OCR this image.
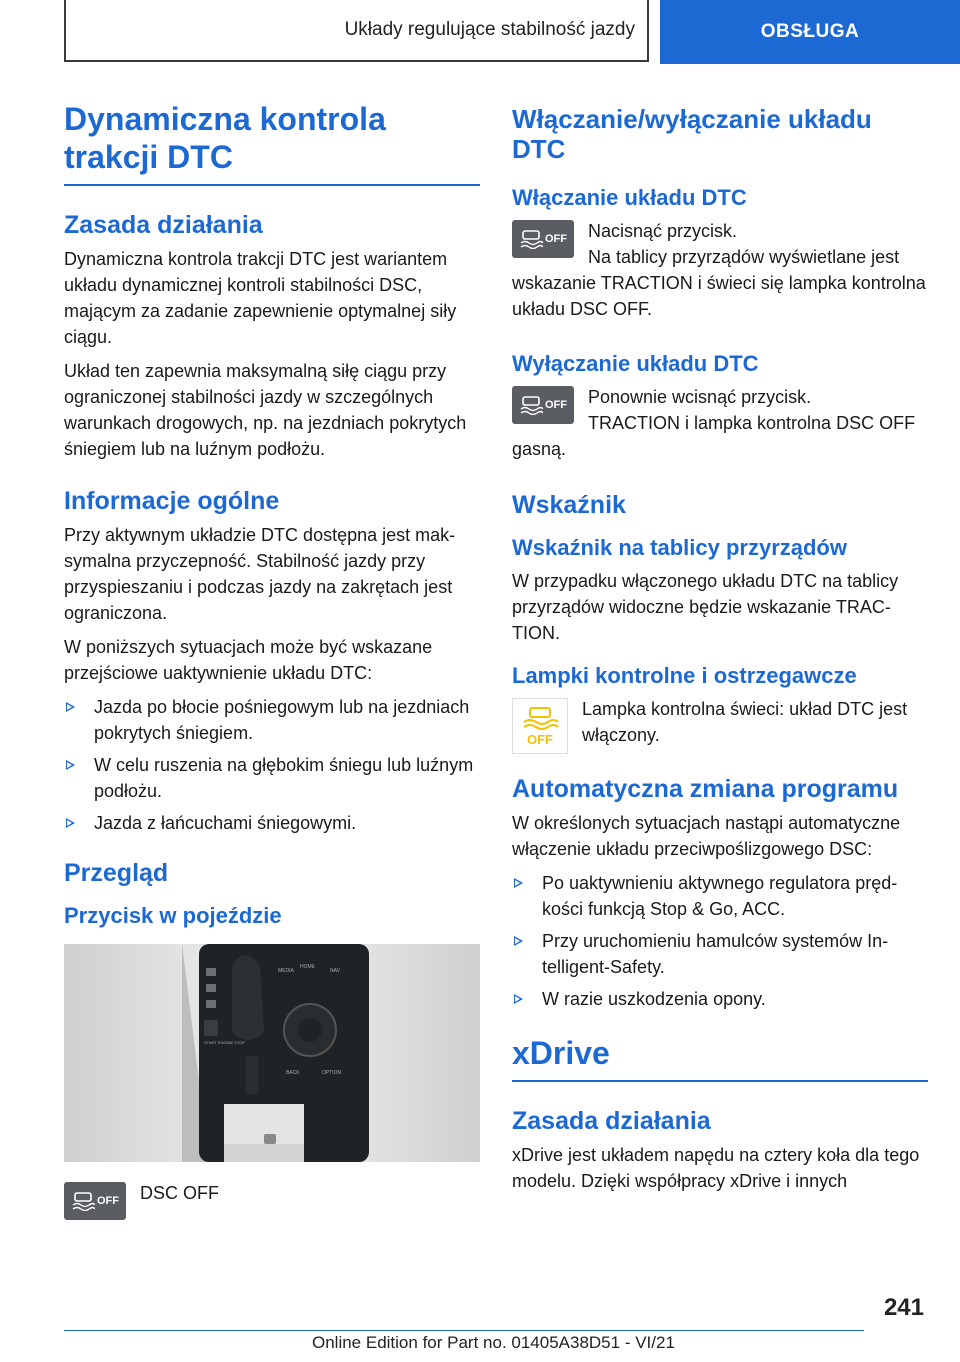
Układy regulujące stabilność jazdy	OBSŁUGA
Dynamiczna kontrola
trakcji DTC
Zasada działania

Dynamiczna kontrola trakcji DTC jest wariantem układu dynamicznej kontroli stabilności DSC, mającym za zadanie zapewnienie optymalnej siły ciągu.

Układ ten zapewnia maksymalną siłę ciągu przy ograniczonej stabilności jazdy w szczególnych warunkach drogowych, np. na jezdniach pokrytych śniegiem lub na luźnym podłożu.

Informacje ogólne

Przy aktywnym układzie DTC dostępna jest maksymalna przyczepność. Stabilność jazdy przy przyspieszaniu i podczas jazdy na zakrętach jest ograniczona.

W poniższych sytuacjach może być wskazane przejściowe uaktywnienie układu DTC:

Jazda po błocie pośniegowym lub na jezdniach pokrytych śniegiem.
W celu ruszenia na głębokim śniegu lub luźnym podłożu.
Jazda z łańcuchami śniegowymi.
Przegląd
Przycisk w pojeździe
MEDIA
HOME
NAV
BACK	OPTION
START ENGINE STOP
OFF DSC OFF

Włączanie/wyłączanie układu
DTC
Włączanie układu DTC
OFF Nacisnąć przycisk.

Na tablicy przyrządów wyświetlane jest wskazanie TRACTION i świeci się lampka kontrolna układu DSC OFF.

Wyłączanie układu DTC
OFF Ponownie wcisnąć przycisk.

TRACTION i lampka kontrolna DSC OFF gasną.

Wskaźnik
Wskaźnik na tablicy przyrządów

W przypadku włączonego układu DTC na tablicy przyrządów widoczne będzie wskazanie TRACTION.

Lampki kontrolne i ostrzegawcze
OFF

Lampka kontrolna świeci: układ DTC jest włączony.

Automatyczna zmiana programu

W określonych sytuacjach nastąpi automatyczne włączenie układu przeciwpoślizgowego DSC:

Po uaktywnieniu aktywnego regulatora prędkości funkcją Stop & Go, ACC.
Przy uruchomieniu hamulców systemów Intelligent-Safety.
W razie uszkodzenia opony.
xDrive
Zasada działania

xDrive jest układem napędu na cztery koła dla tego modelu. Dzięki współpracy xDrive i innych

241
Online Edition for Part no. 01405A38D51 - VI/21
